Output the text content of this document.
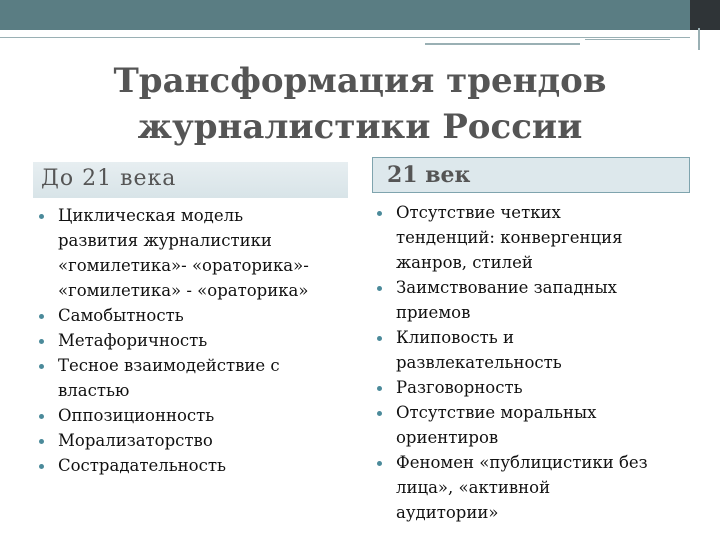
Трансформация трендов
журналистики России
До 21 века	21 век
Циклическая модель
развития журналистики
«гомилетика»- «ораторика»-
«гомилетика» - «ораторика»
Самобытность
Метафоричность
Тесное взаимодействие с
властью
Оппозиционность
Морализаторство
Сострадательность
Отсутствие четких
тенденций: конвергенция
жанров, стилей
Заимствование западных
приемов
Клиповость и
развлекательность
Разговорность
Отсутствие моральных
ориентиров
Феномен «публицистики без
лица», «активной
аудитории»
